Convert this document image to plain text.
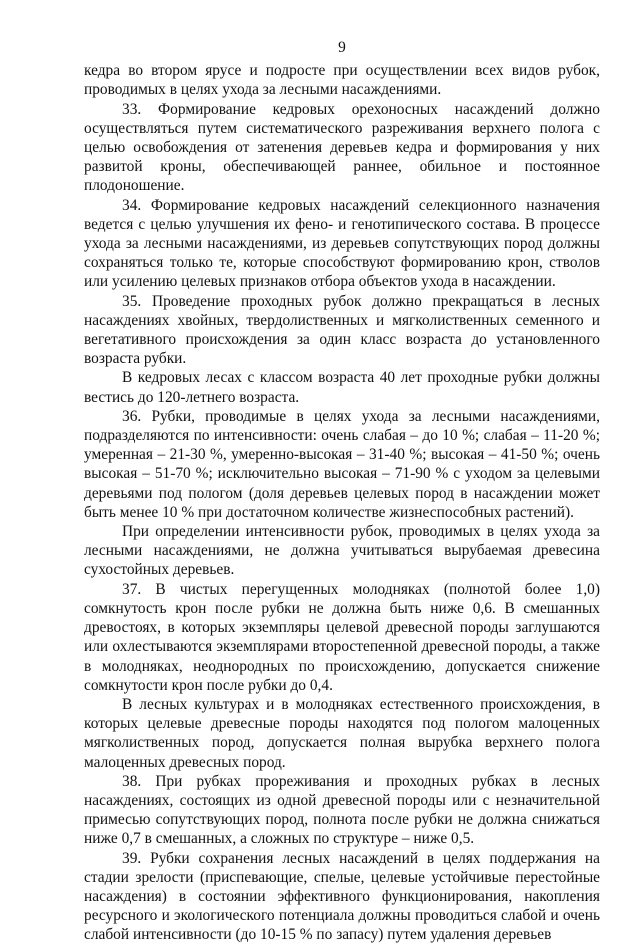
9

кедра во втором ярусе и подросте при осуществлении всех видов рубок, проводимых в целях ухода за лесными насаждениями.

33. Формирование кедровых орехоносных насаждений должно осуществляться путем систематического разреживания верхнего полога с целью освобождения от затенения деревьев кедра и формирования у них развитой кроны, обеспечивающей раннее, обильное и постоянное плодоношение.

34. Формирование кедровых насаждений селекционного назначения ведется с целью улучшения их фено- и генотипического состава. В процессе ухода за лесными насаждениями, из деревьев сопутствующих пород должны сохраняться только те, которые способствуют формированию крон, стволов или усилению целевых признаков отбора объектов ухода в насаждении.

35. Проведение проходных рубок должно прекращаться в лесных насаждениях хвойных, твердолиственных и мягколиственных семенного и вегетативного происхождения за один класс возраста до установленного возраста рубки.

В кедровых лесах с классом возраста 40 лет проходные рубки должны вестись до 120-летнего возраста.

36. Рубки, проводимые в целях ухода за лесными насаждениями, подразделяются по интенсивности: очень слабая – до 10 %; слабая – 11-20 %; умеренная – 21-30 %, умеренно-высокая – 31-40 %; высокая – 41-50 %; очень высокая – 51-70 %; исключительно высокая – 71-90 % с уходом за целевыми деревьями под пологом (доля деревьев целевых пород в насаждении может быть менее 10 % при достаточном количестве жизнеспособных растений).

При определении интенсивности рубок, проводимых в целях ухода за лесными насаждениями, не должна учитываться вырубаемая древесина сухостойных деревьев.

37. В чистых перегущенных молодняках (полнотой более 1,0) сомкнутость крон после рубки не должна быть ниже 0,6. В смешанных древостоях, в которых экземпляры целевой древесной породы заглушаются или охлестываются экземплярами второстепенной древесной породы, а также в молодняках, неоднородных по происхождению, допускается снижение сомкнутости крон после рубки до 0,4.

В лесных культурах и в молодняках естественного происхождения, в которых целевые древесные породы находятся под пологом малоценных мягколиственных пород, допускается полная вырубка верхнего полога малоценных древесных пород.

38. При рубках прореживания и проходных рубках в лесных насаждениях, состоящих из одной древесной породы или с незначительной примесью сопутствующих пород, полнота после рубки не должна снижаться ниже 0,7 в смешанных, а сложных по структуре – ниже 0,5.

39. Рубки сохранения лесных насаждений в целях поддержания на стадии зрелости (приспевающие, спелые, целевые устойчивые перестойные насаждения) в состоянии эффективного функционирования, накопления ресурсного и экологического потенциала должны проводиться слабой и очень слабой интенсивности (до 10-15 % по запасу) путем удаления деревьев
